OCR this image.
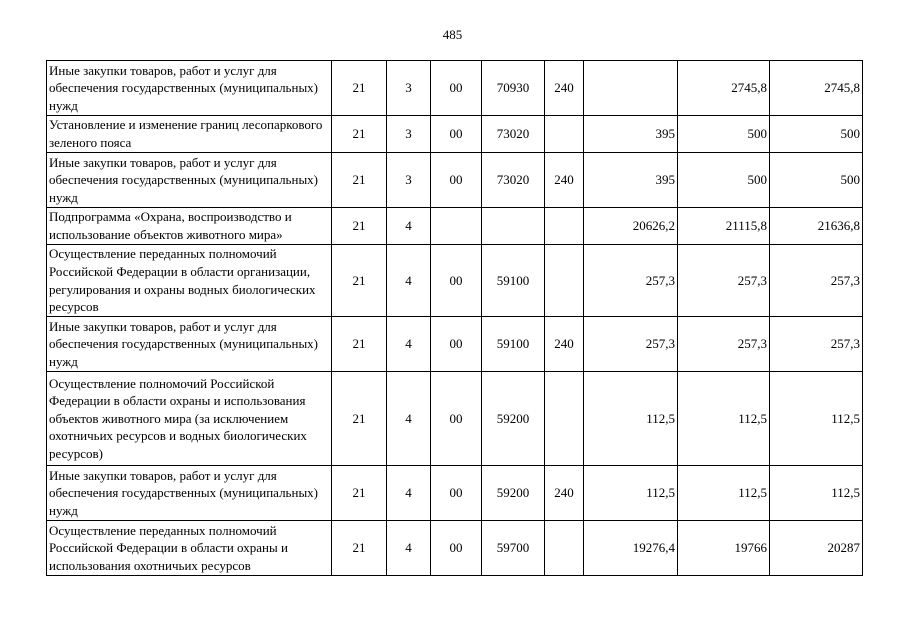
485
Иные закупки товаров, работ и услуг для обеспечения государственных (муниципальных) нужд	21	3	00	70930	240		2745,8	2745,8
Установление и изменение границ лесопаркового зеленого пояса	21	3	00	73020		395	500	500
Иные закупки товаров, работ и услуг для обеспечения государственных (муниципальных) нужд	21	3	00	73020	240	395	500	500
Подпрограмма «Охрана, воспроизводство и использование объектов животного мира»	21	4				20626,2	21115,8	21636,8
Осуществление переданных полномочий Российской Федерации в области организации, регулирования и охраны водных биологических ресурсов	21	4	00	59100		257,3	257,3	257,3
Иные закупки товаров, работ и услуг для обеспечения государственных (муниципальных) нужд	21	4	00	59100	240	257,3	257,3	257,3
Осуществление полномочий Российской Федерации в области охраны и использования объектов животного мира (за исключением охотничьих ресурсов и водных биологических ресурсов)	21	4	00	59200		112,5	112,5	112,5
Иные закупки товаров, работ и услуг для обеспечения государственных (муниципальных) нужд	21	4	00	59200	240	112,5	112,5	112,5
Осуществление переданных полномочий Российской Федерации в области охраны и использования охотничьих ресурсов	21	4	00	59700		19276,4	19766	20287
